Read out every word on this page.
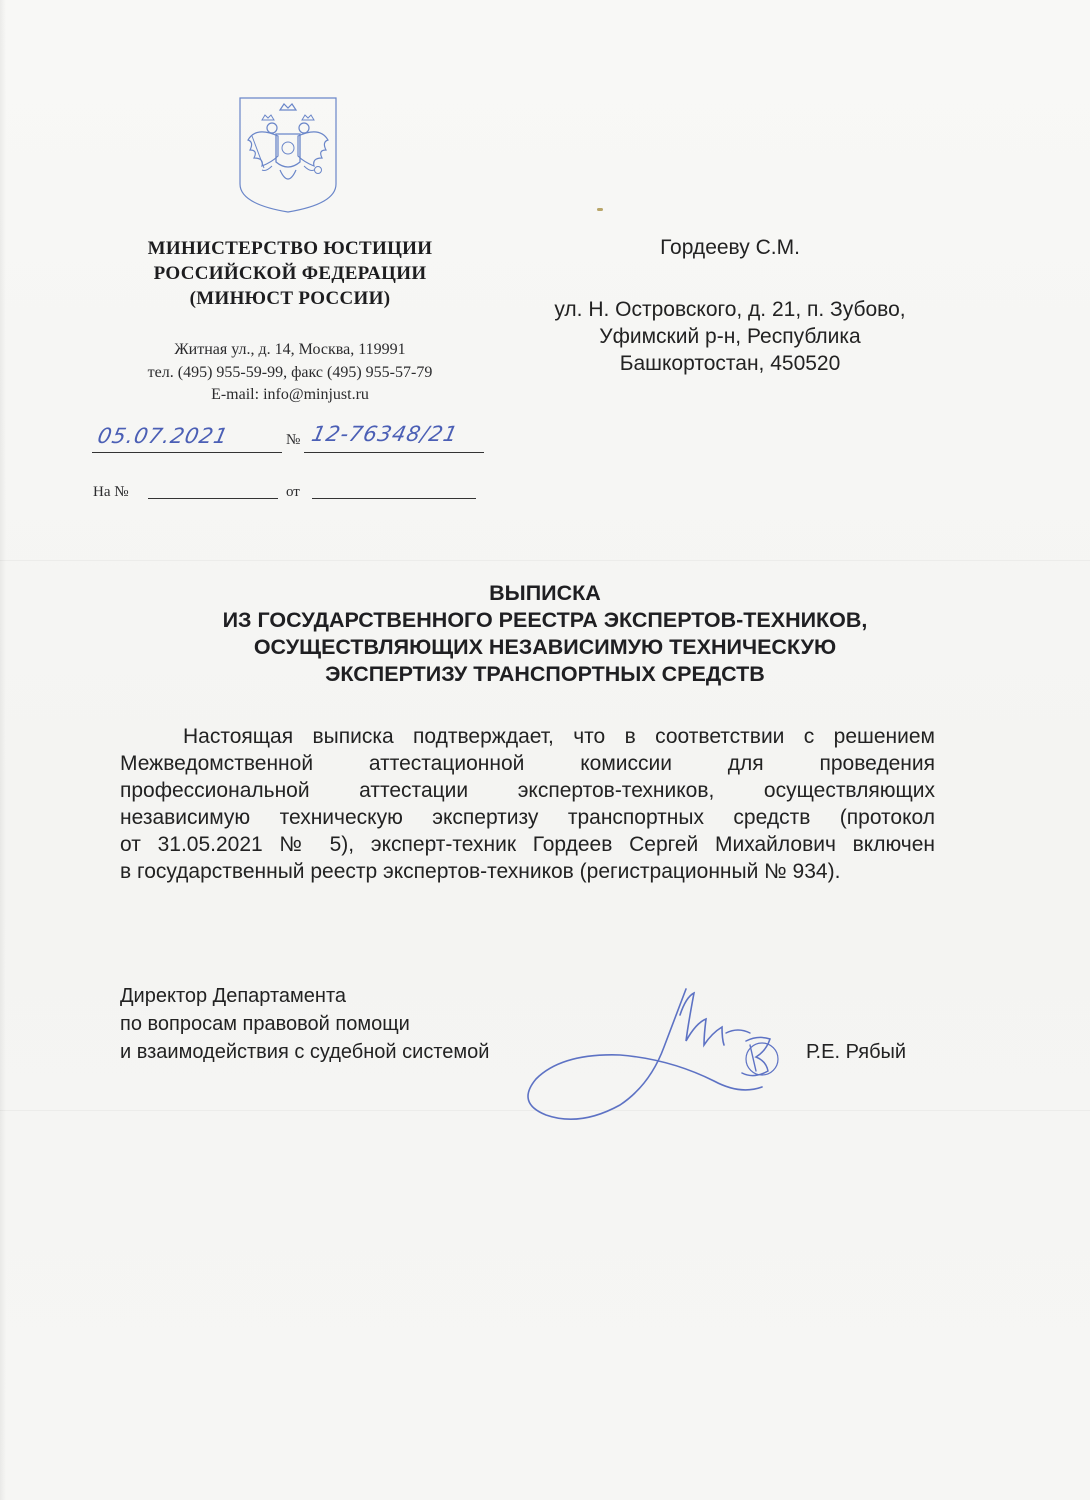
МИНИСТЕРСТВО ЮСТИЦИИ
РОССИЙСКОЙ ФЕДЕРАЦИИ
(МИНЮСТ РОССИИ)
Житная ул., д. 14, Москва, 119991
тел. (495) 955-59-99, факс (495) 955-57-79
E-mail: info@minjust.ru
05.07.2021	№ 12-76348/21
На №	от
Гордееву С.М.
ул. Н. Островского, д. 21, п. Зубово,
Уфимский р-н, Республика
Башкортостан, 450520
ВЫПИСКА
ИЗ ГОСУДАРСТВЕННОГО РЕЕСТРА ЭКСПЕРТОВ-ТЕХНИКОВ,
ОСУЩЕСТВЛЯЮЩИХ НЕЗАВИСИМУЮ ТЕХНИЧЕСКУЮ
ЭКСПЕРТИЗУ ТРАНСПОРТНЫХ СРЕДСТВ
Настоящая выписка подтверждает, что в соответствии с решением
Межведомственной аттестационной комиссии для проведения
профессиональной аттестации экспертов-техников, осуществляющих
независимую техническую экспертизу транспортных средств (протокол
от 31.05.2021 № 5), эксперт-техник Гордеев Сергей Михайлович включен
в государственный реестр экспертов-техников (регистрационный № 934).
Директор Департамента
по вопросам правовой помощи
и взаимодействия с судебной системой	Р.Е. Рябый
